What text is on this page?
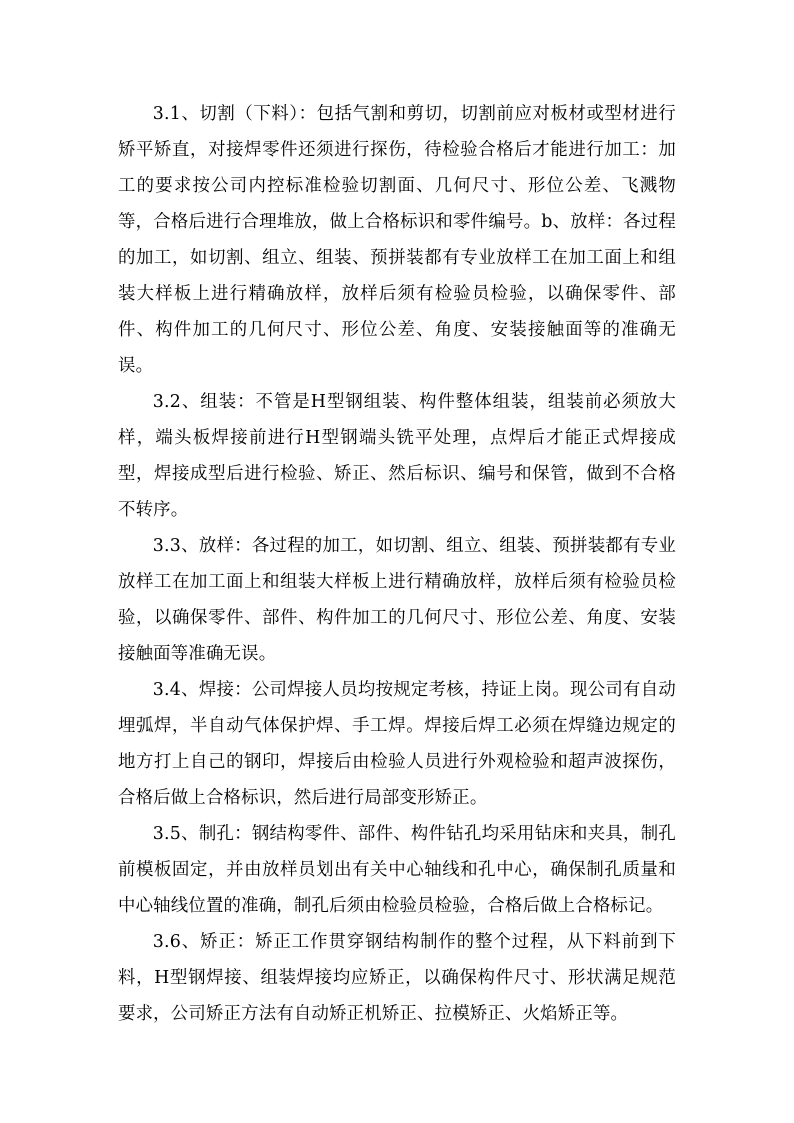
3.1、切割（下料）：包括气割和剪切，切割前应对板材或型材进行矫平矫直，对接焊零件还须进行探伤，待检验合格后才能进行加工：加工的要求按公司内控标准检验切割面、几何尺寸、形位公差、飞溅物等，合格后进行合理堆放，做上合格标识和零件编号。b、放样：各过程的加工，如切割、组立、组装、预拼装都有专业放样工在加工面上和组装大样板上进行精确放样，放样后须有检验员检验，以确保零件、部件、构件加工的几何尺寸、形位公差、角度、安装接触面等的准确无误。

3.2、组装：不管是H型钢组装、构件整体组装，组装前必须放大样，端头板焊接前进行H型钢端头铣平处理，点焊后才能正式焊接成型，焊接成型后进行检验、矫正、然后标识、编号和保管，做到不合格不转序。

3.3、放样：各过程的加工，如切割、组立、组装、预拼装都有专业放样工在加工面上和组装大样板上进行精确放样，放样后须有检验员检验，以确保零件、部件、构件加工的几何尺寸、形位公差、角度、安装接触面等准确无误。

3.4、焊接：公司焊接人员均按规定考核，持证上岗。现公司有自动埋弧焊，半自动气体保护焊、手工焊。焊接后焊工必须在焊缝边规定的地方打上自己的钢印，焊接后由检验人员进行外观检验和超声波探伤，合格后做上合格标识，然后进行局部变形矫正。

3.5、制孔：钢结构零件、部件、构件钻孔均采用钻床和夹具，制孔前模板固定，并由放样员划出有关中心轴线和孔中心，确保制孔质量和中心轴线位置的准确，制孔后须由检验员检验，合格后做上合格标记。

3.6、矫正：矫正工作贯穿钢结构制作的整个过程，从下料前到下料，H型钢焊接、组装焊接均应矫正，以确保构件尺寸、形状满足规范要求，公司矫正方法有自动矫正机矫正、拉模矫正、火焰矫正等。
